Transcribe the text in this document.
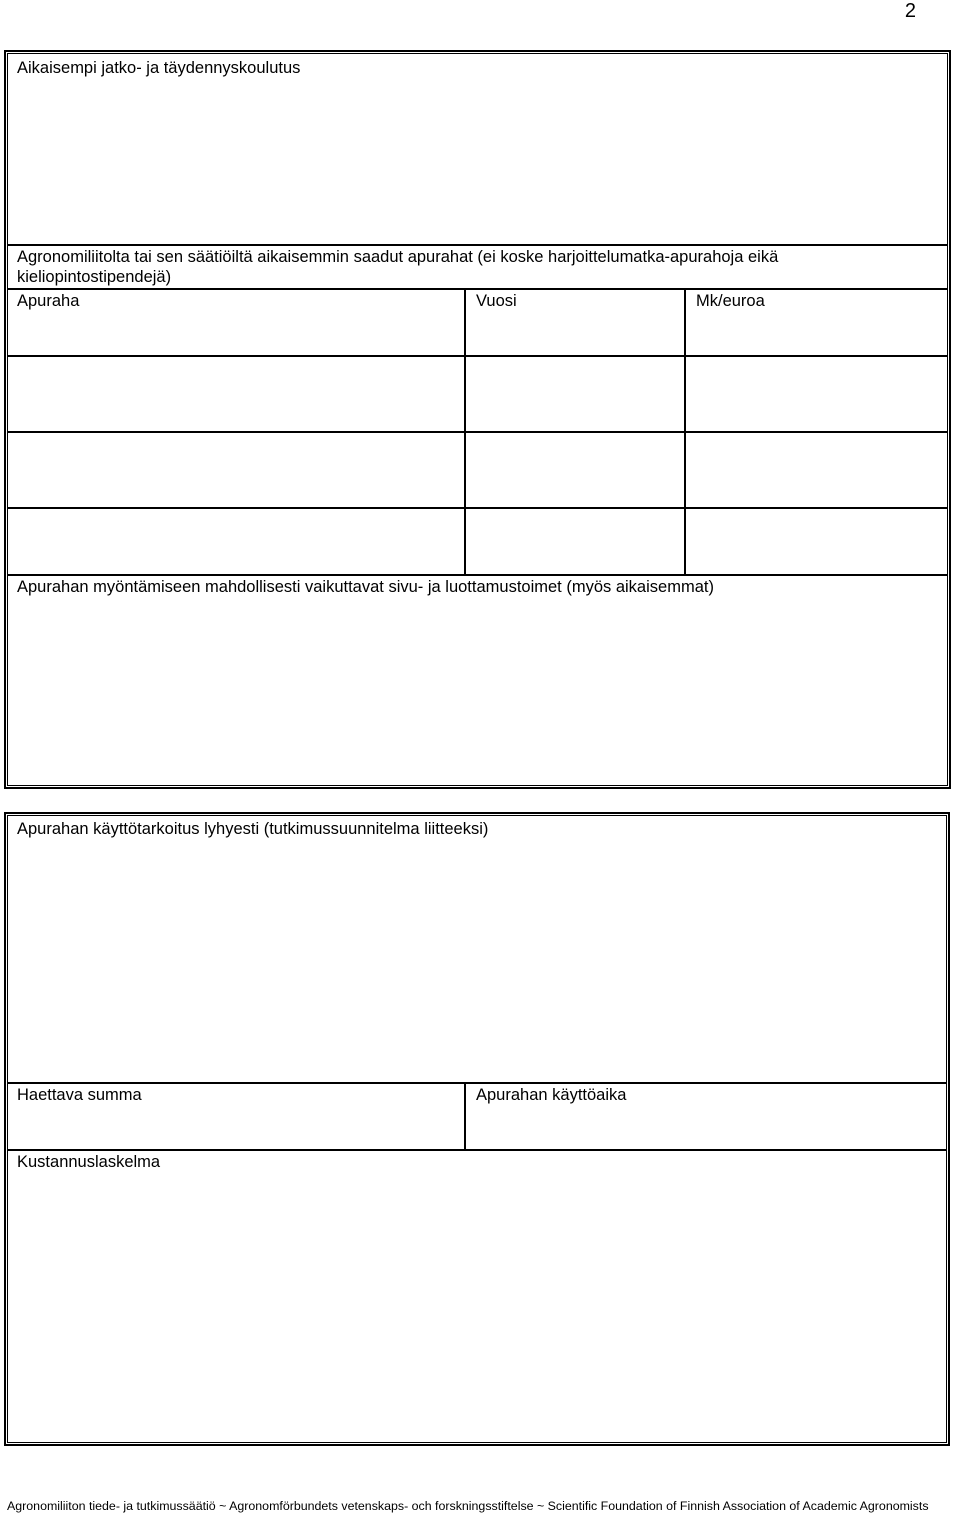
2
Aikaisempi jatko- ja täydennyskoulutus
Agronomiliitolta tai sen säätiöiltä aikaisemmin saadut apurahat (ei koske harjoittelumatka-apurahoja eikä
kieliopintostipendejä)
Apuraha	Vuosi	Mk/euroa
Apurahan myöntämiseen mahdollisesti vaikuttavat sivu- ja luottamustoimet (myös aikaisemmat)
Apurahan käyttötarkoitus lyhyesti (tutkimussuunnitelma liitteeksi)
Haettava summa	Apurahan käyttöaika
Kustannuslaskelma
Agronomiliiton tiede- ja tutkimussäätiö ~ Agronomförbundets vetenskaps- och forskningsstiftelse ~ Scientific Foundation of Finnish Association of Academic Agronomists
